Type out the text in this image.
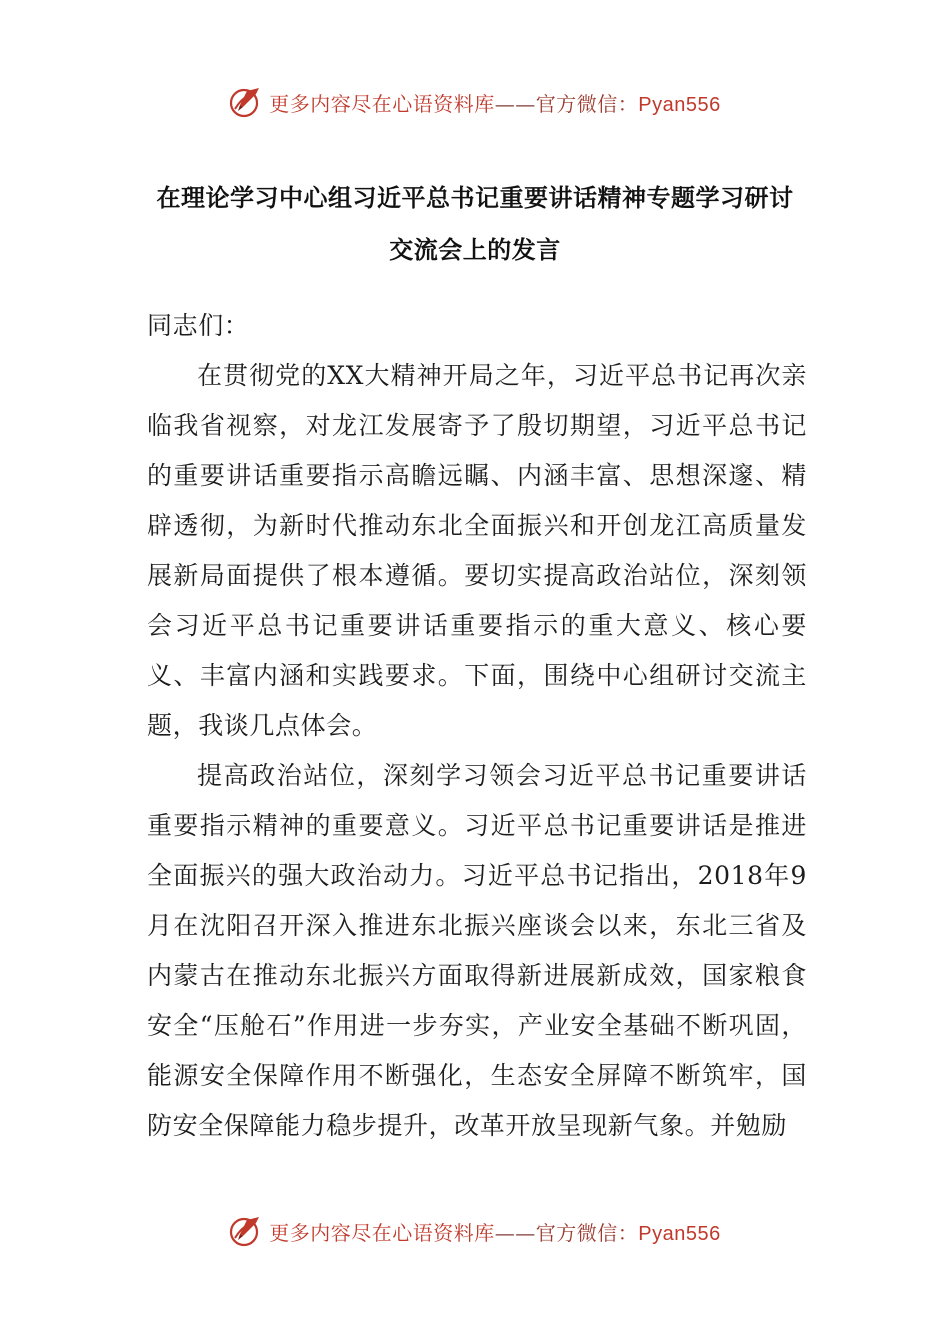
更多内容尽在心语资料库——官方微信：Pyan556
在理论学习中心组习近平总书记重要讲话精神专题学习研讨交流会上的发言

同志们：

在贯彻党的XX大精神开局之年，习近平总书记再次亲临我省视察，对龙江发展寄予了殷切期望，习近平总书记的重要讲话重要指示高瞻远瞩、内涵丰富、思想深邃、精辟透彻，为新时代推动东北全面振兴和开创龙江高质量发展新局面提供了根本遵循。要切实提高政治站位，深刻领会习近平总书记重要讲话重要指示的重大意义、核心要义、丰富内涵和实践要求。下面，围绕中心组研讨交流主题，我谈几点体会。

提高政治站位，深刻学习领会习近平总书记重要讲话重要指示精神的重要意义。习近平总书记重要讲话是推进全面振兴的强大政治动力。习近平总书记指出，2018年9月在沈阳召开深入推进东北振兴座谈会以来，东北三省及内蒙古在推动东北振兴方面取得新进展新成效，国家粮食安全“压舱石”作用进一步夯实，产业安全基础不断巩固，能源安全保障作用不断强化，生态安全屏障不断筑牢，国防安全保障能力稳步提升，改革开放呈现新气象。并勉励

更多内容尽在心语资料库——官方微信：Pyan556
